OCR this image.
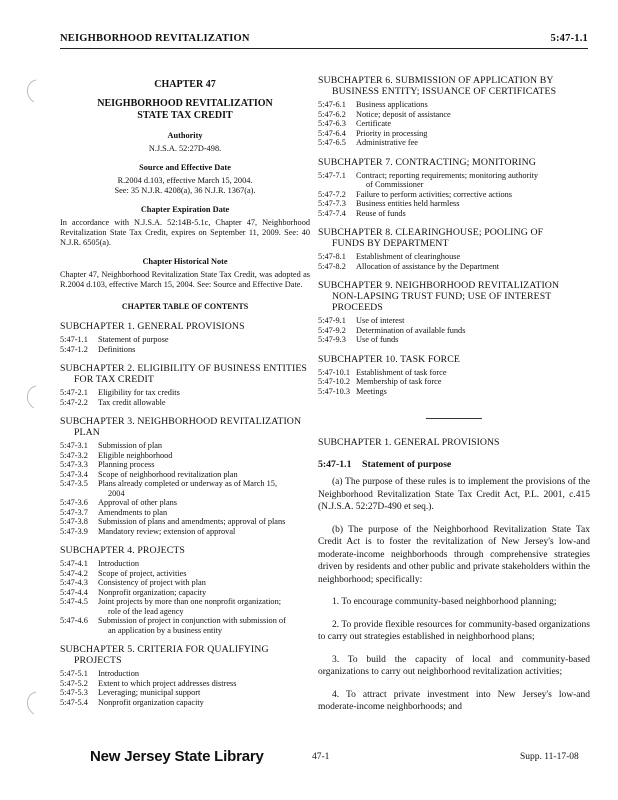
NEIGHBORHOOD REVITALIZATION	5:47-1.1
CHAPTER 47
NEIGHBORHOOD REVITALIZATION
STATE TAX CREDIT
Authority
N.J.S.A. 52:27D-498.
Source and Effective Date
R.2004 d.103, effective March 15, 2004.
See: 35 N.J.R. 4208(a), 36 N.J.R. 1367(a).
Chapter Expiration Date
In accordance with N.J.S.A. 52:14B-5.1c, Chapter 47, Neighborhood Revitalization State Tax Credit, expires on September 11, 2009. See: 40 N.J.R. 6505(a).
Chapter Historical Note
Chapter 47, Neighborhood Revitalization State Tax Credit, was adopted as R.2004 d.103, effective March 15, 2004. See: Source and Effective Date.
CHAPTER TABLE OF CONTENTS
SUBCHAPTER 1. GENERAL PROVISIONS
5:47-1.1	Statement of purpose
5:47-1.2	Definitions
SUBCHAPTER 2. ELIGIBILITY OF BUSINESS ENTITIES
FOR TAX CREDIT
5:47-2.1	Eligibility for tax credits
5:47-2.2	Tax credit allowable
SUBCHAPTER 3. NEIGHBORHOOD REVITALIZATION
PLAN
5:47-3.1	Submission of plan
5:47-3.2	Eligible neighborhood
5:47-3.3	Planning process
5:47-3.4	Scope of neighborhood revitalization plan
5:47-3.5	Plans already completed or underway as of March 15,
2004

5:47-3.6	Approval of other plans
5:47-3.7	Amendments to plan
5:47-3.8	Submission of plans and amendments; approval of plans
5:47-3.9	Mandatory review; extension of approval
SUBCHAPTER 4. PROJECTS
5:47-4.1	Introduction
5:47-4.2	Scope of project, activities
5:47-4.3	Consistency of project with plan
5:47-4.4	Nonprofit organization; capacity
5:47-4.5	Joint projects by more than one nonprofit organization;
role of the lead agency

5:47-4.6	Submission of project in conjunction with submission of
an application by a business entity
SUBCHAPTER 5. CRITERIA FOR QUALIFYING
PROJECTS
5:47-5.1	Introduction
5:47-5.2	Extent to which project addresses distress
5:47-5.3	Leveraging; municipal support
5:47-5.4	Nonprofit organization capacity
SUBCHAPTER 6. SUBMISSION OF APPLICATION BY
BUSINESS ENTITY; ISSUANCE OF CERTIFICATES
5:47-6.1	Business applications
5:47-6.2	Notice; deposit of assistance
5:47-6.3	Certificate
5:47-6.4	Priority in processing
5:47-6.5	Administrative fee
SUBCHAPTER 7. CONTRACTING; MONITORING
5:47-7.1	Contract; reporting requirements; monitoring authority
of Commissioner

5:47-7.2	Failure to perform activities; corrective actions
5:47-7.3	Business entities held harmless
5:47-7.4	Reuse of funds
SUBCHAPTER 8. CLEARINGHOUSE; POOLING OF
FUNDS BY DEPARTMENT
5:47-8.1	Establishment of clearinghouse
5:47-8.2	Allocation of assistance by the Department
SUBCHAPTER 9. NEIGHBORHOOD REVITALIZATION
NON-LAPSING TRUST FUND; USE OF INTEREST PROCEEDS
5:47-9.1	Use of interest
5:47-9.2	Determination of available funds
5:47-9.3	Use of funds
SUBCHAPTER 10. TASK FORCE
5:47-10.1	Establishment of task force
5:47-10.2	Membership of task force
5:47-10.3	Meetings
SUBCHAPTER 1. GENERAL PROVISIONS
5:47-1.1 Statement of purpose
(a) The purpose of these rules is to implement the provisions of the Neighborhood Revitalization State Tax Credit Act, P.L. 2001, c.415 (N.J.S.A. 52:27D-490 et seq.).
(b) The purpose of the Neighborhood Revitalization State Tax Credit Act is to foster the revitalization of New Jersey's low-and moderate-income neighborhoods through comprehensive strategies driven by residents and other public and private stakeholders within the neighborhood; specifically:
1. To encourage community-based neighborhood planning;
2. To provide flexible resources for community-based organizations to carry out strategies established in neighborhood plans;
3. To build the capacity of local and community-based organizations to carry out neighborhood revitalization activities;
4. To attract private investment into New Jersey's low-and moderate-income neighborhoods; and
New Jersey State Library	47-1	Supp. 11-17-08
